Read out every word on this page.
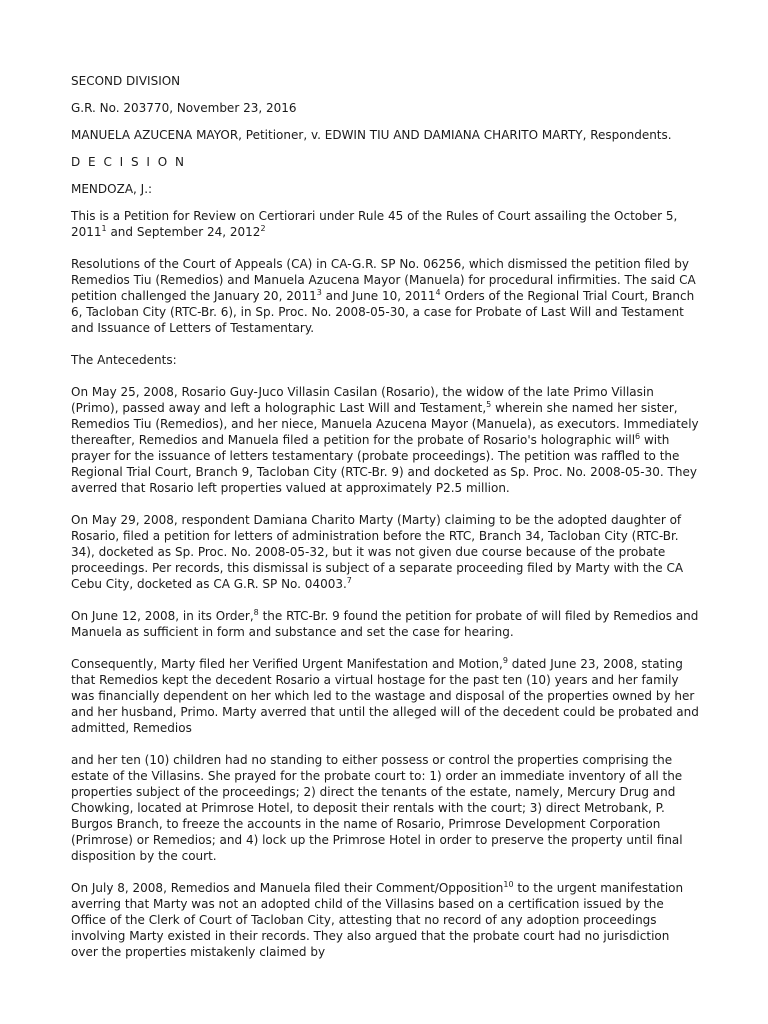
SECOND DIVISION
G.R. No. 203770, November 23, 2016
MANUELA AZUCENA MAYOR, Petitioner, v. EDWIN TIU AND DAMIANA CHARITO MARTY, Respondents.
D E C I S I O N
MENDOZA, J.:

This is a Petition for Review on Certiorari under Rule 45 of the Rules of Court assailing the October 5, 2011$^1$ and September 24, 2012$^2$

Resolutions of the Court of Appeals (CA) in CA-G.R. SP No. 06256, which dismissed the petition filed by Remedios Tiu (Remedios) and Manuela Azucena Mayor (Manuela) for procedural infirmities. The said CA petition challenged the January 20, 2011$^3$ and June 10, 2011$^4$ Orders of the Regional Trial Court, Branch 6, Tacloban City (RTC-Br. 6), in Sp. Proc. No. 2008-05-30, a case for Probate of Last Will and Testament and Issuance of Letters of Testamentary.

The Antecedents:

On May 25, 2008, Rosario Guy-Juco Villasin Casilan (Rosario), the widow of the late Primo Villasin (Primo), passed away and left a holographic Last Will and Testament,$^5$ wherein she named her sister, Remedios Tiu (Remedios), and her niece, Manuela Azucena Mayor (Manuela), as executors. Immediately thereafter, Remedios and Manuela filed a petition for the probate of Rosario's holographic will$^6$ with prayer for the issuance of letters testamentary (probate proceedings). The petition was raffled to the Regional Trial Court, Branch 9, Tacloban City (RTC-Br. 9) and docketed as Sp. Proc. No. 2008-05-30. They averred that Rosario left properties valued at approximately P2.5 million.

On May 29, 2008, respondent Damiana Charito Marty (Marty) claiming to be the adopted daughter of Rosario, filed a petition for letters of administration before the RTC, Branch 34, Tacloban City (RTC-Br. 34), docketed as Sp. Proc. No. 2008-05-32, but it was not given due course because of the probate proceedings. Per records, this dismissal is subject of a separate proceeding filed by Marty with the CA Cebu City, docketed as CA G.R. SP No. 04003.$^7$

On June 12, 2008, in its Order,$^8$ the RTC-Br. 9 found the petition for probate of will filed by Remedios and Manuela as sufficient in form and substance and set the case for hearing.

Consequently, Marty filed her Verified Urgent Manifestation and Motion,$^9$ dated June 23, 2008, stating that Remedios kept the decedent Rosario a virtual hostage for the past ten (10) years and her family was financially dependent on her which led to the wastage and disposal of the properties owned by her and her husband, Primo. Marty averred that until the alleged will of the decedent could be probated and admitted, Remedios

and her ten (10) children had no standing to either possess or control the properties comprising the estate of the Villasins. She prayed for the probate court to: 1) order an immediate inventory of all the properties subject of the proceedings; 2) direct the tenants of the estate, namely, Mercury Drug and Chowking, located at Primrose Hotel, to deposit their rentals with the court; 3) direct Metrobank, P. Burgos Branch, to freeze the accounts in the name of Rosario, Primrose Development Corporation (Primrose) or Remedios; and 4) lock up the Primrose Hotel in order to preserve the property until final disposition by the court.

On July 8, 2008, Remedios and Manuela filed their Comment/Opposition$^{10}$ to the urgent manifestation averring that Marty was not an adopted child of the Villasins based on a certification issued by the Office of the Clerk of Court of Tacloban City, attesting that no record of any adoption proceedings involving Marty existed in their records. They also argued that the probate court had no jurisdiction over the properties mistakenly claimed by
